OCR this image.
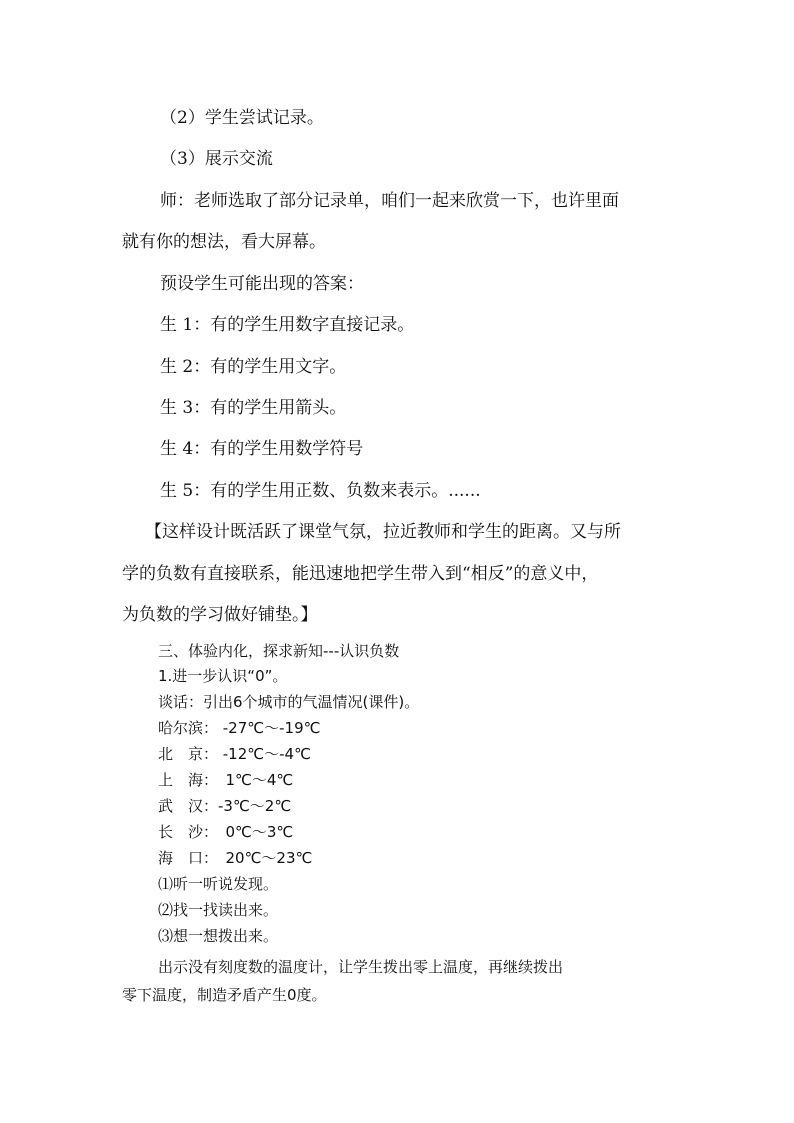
（2）学生尝试记录。
（3）展示交流
师：老师选取了部分记录单，咱们一起来欣赏一下，也许里面
就有你的想法，看大屏幕。
预设学生可能出现的答案：
生 1：有的学生用数字直接记录。
生 2：有的学生用文字。
生 3：有的学生用箭头。
生 4：有的学生用数学符号
生 5：有的学生用正数、负数来表示。......
【这样设计既活跃了课堂气氛，拉近教师和学生的距离。又与所
学的负数有直接联系，能迅速地把学生带入到“相反”的意义中，
为负数的学习做好铺垫。】
三、体验内化，探求新知---认识负数
1.进一步认识“0”。
谈话：引出6个城市的气温情况(课件)。
哈尔滨： -27℃～-19℃
北　京： -12℃～-4℃
上　海：　1℃～4℃
武　汉：-3℃～2℃
长　沙：　0℃～3℃
海　口：　20℃～23℃
⑴听一听说发现。
⑵找一找读出来。
⑶想一想拨出来。
出示没有刻度数的温度计，让学生拨出零上温度，再继续拨出
零下温度，制造矛盾产生0度。
